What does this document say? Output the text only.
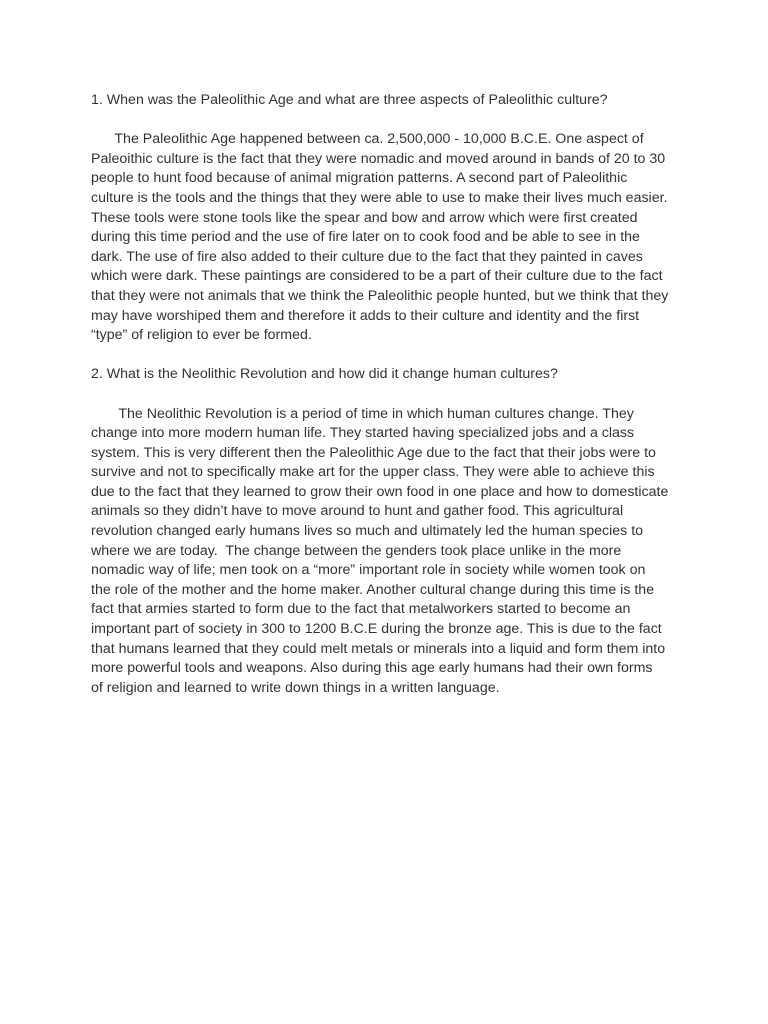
1. When was the Paleolithic Age and what are three aspects of Paleolithic culture?

The Paleolithic Age happened between ca. 2,500,000 - 10,000 B.C.E. One aspect of
Paleoithic culture is the fact that they were nomadic and moved around in bands of 20 to 30
people to hunt food because of animal migration patterns. A second part of Paleolithic
culture is the tools and the things that they were able to use to make their lives much easier.
These tools were stone tools like the spear and bow and arrow which were first created
during this time period and the use of fire later on to cook food and be able to see in the
dark. The use of fire also added to their culture due to the fact that they painted in caves
which were dark. These paintings are considered to be a part of their culture due to the fact
that they were not animals that we think the Paleolithic people hunted, but we think that they
may have worshiped them and therefore it adds to their culture and identity and the first
“type” of religion to ever be formed.

2. What is the Neolithic Revolution and how did it change human cultures?

The Neolithic Revolution is a period of time in which human cultures change. They
change into more modern human life. They started having specialized jobs and a class
system. This is very different then the Paleolithic Age due to the fact that their jobs were to
survive and not to specifically make art for the upper class. They were able to achieve this
due to the fact that they learned to grow their own food in one place and how to domesticate
animals so they didn’t have to move around to hunt and gather food. This agricultural
revolution changed early humans lives so much and ultimately led the human species to
where we are today.  The change between the genders took place unlike in the more
nomadic way of life; men took on a “more” important role in society while women took on
the role of the mother and the home maker. Another cultural change during this time is the
fact that armies started to form due to the fact that metalworkers started to become an
important part of society in 300 to 1200 B.C.E during the bronze age. This is due to the fact
that humans learned that they could melt metals or minerals into a liquid and form them into
more powerful tools and weapons. Also during this age early humans had their own forms
of religion and learned to write down things in a written language.
